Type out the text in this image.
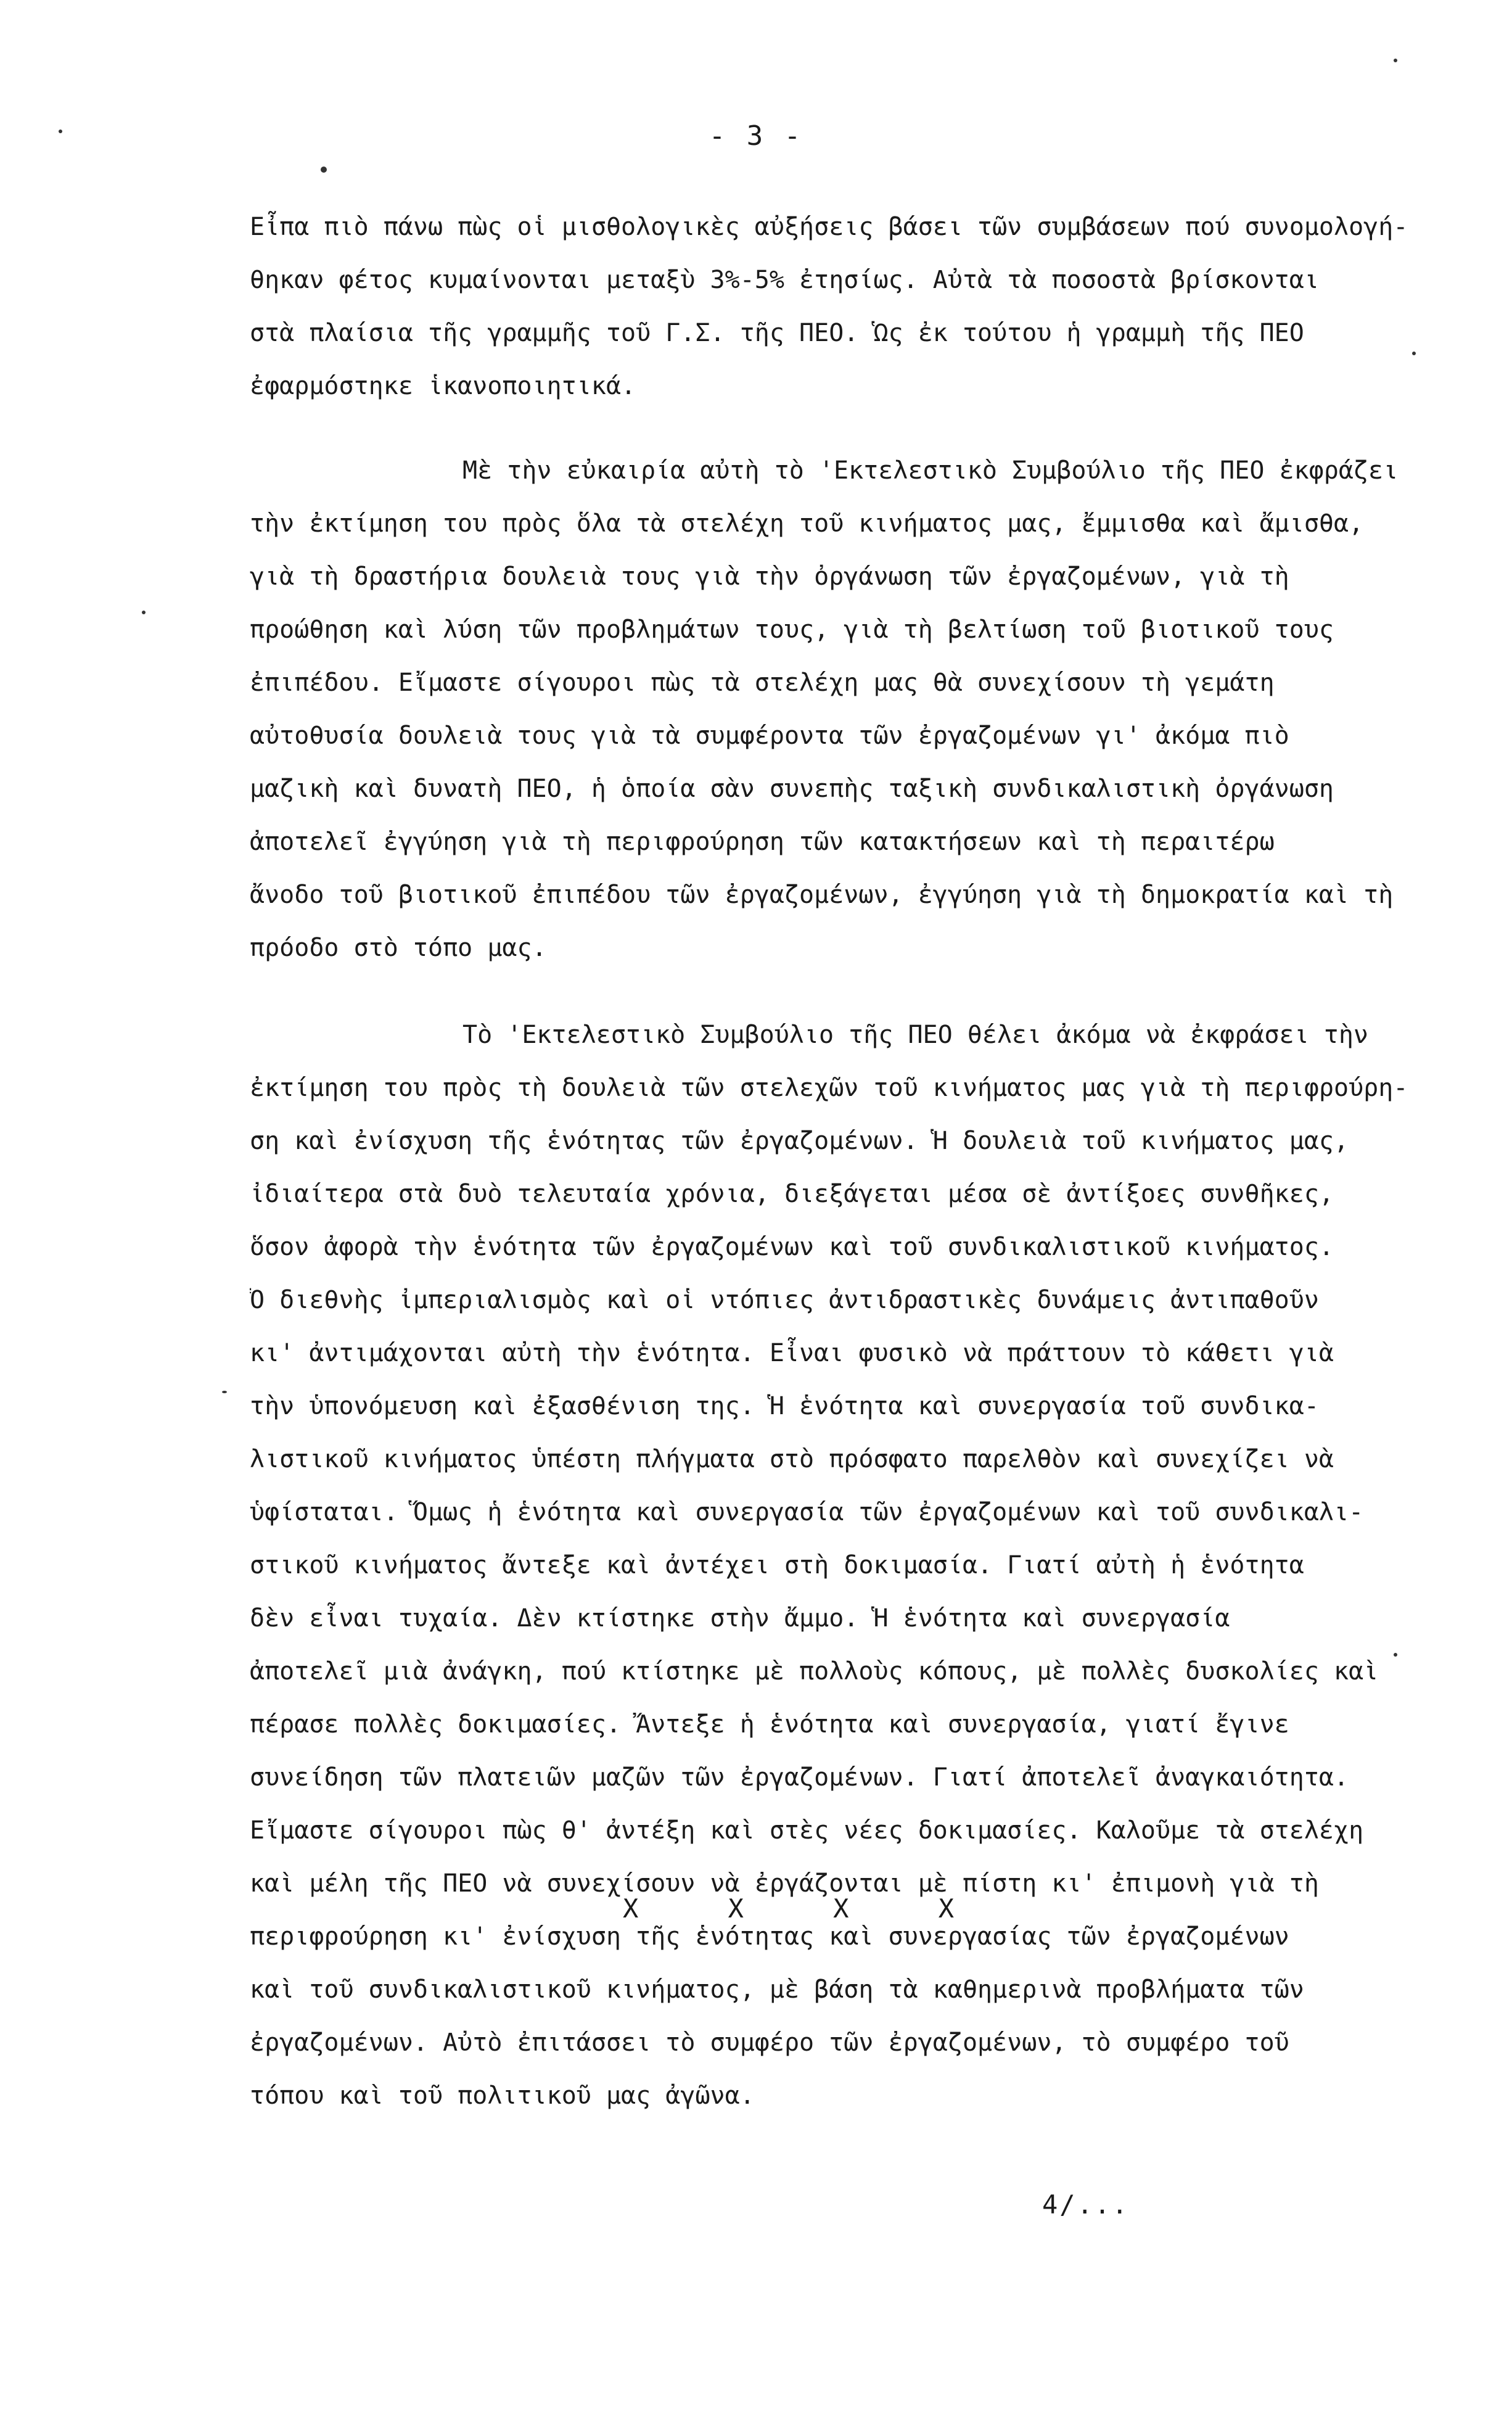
- 3 -
Εἶπα πιὸ πάνω πὼς οἱ μισθολογικὲς αὐξήσεις βάσει τῶν συμβάσεων πού συνομολογή-
θηκαν φέτος κυμαίνονται μεταξὺ 3%-5% ἐτησίως. Αὐτὰ τὰ ποσοστὰ βρίσκονται
στὰ πλαίσια τῆς γραμμῆς τοῦ Γ.Σ. τῆς ΠΕΟ. Ὡς ἐκ τούτου ἡ γραμμὴ τῆς ΠΕΟ
ἐφαρμόστηκε ἱκανοποιητικά.
Μὲ τὴν εὐκαιρία αὐτὴ τὸ 'Εκτελεστικὸ Συμβούλιο τῆς ΠΕΟ ἐκφράζει
τὴν ἐκτίμηση του πρὸς ὅλα τὰ στελέχη τοῦ κινήματος μας, ἔμμισθα καὶ ἄμισθα,
γιὰ τὴ δραστήρια δουλειὰ τους γιὰ τὴν ὀργάνωση τῶν ἐργαζομένων, γιὰ τὴ
προώθηση καὶ λύση τῶν προβλημάτων τους, γιὰ τὴ βελτίωση τοῦ βιοτικοῦ τους
ἐπιπέδου. Εἴμαστε σίγουροι πὼς τὰ στελέχη μας θὰ συνεχίσουν τὴ γεμάτη
αὐτοθυσία δουλειὰ τους γιὰ τὰ συμφέροντα τῶν ἐργαζομένων γι' ἀκόμα πιὸ
μαζικὴ καὶ δυνατὴ ΠΕΟ, ἡ ὁποία σὰν συνεπὴς ταξικὴ συνδικαλιστικὴ ὀργάνωση
ἀποτελεῖ ἐγγύηση γιὰ τὴ περιφρούρηση τῶν κατακτήσεων καὶ τὴ περαιτέρω
ἄνοδο τοῦ βιοτικοῦ ἐπιπέδου τῶν ἐργαζομένων, ἐγγύηση γιὰ τὴ δημοκρατία καὶ τὴ
πρόοδο στὸ τόπο μας.
Τὸ 'Εκτελεστικὸ Συμβούλιο τῆς ΠΕΟ θέλει ἀκόμα νὰ ἐκφράσει τὴν
ἐκτίμηση του πρὸς τὴ δουλειὰ τῶν στελεχῶν τοῦ κινήματος μας γιὰ τὴ περιφρούρη-
ση καὶ ἐνίσχυση τῆς ἑνότητας τῶν ἐργαζομένων. Ἡ δουλειὰ τοῦ κινήματος μας,
ἰδιαίτερα στὰ δυὸ τελευταία χρόνια, διεξάγεται μέσα σὲ ἀντίξοες συνθῆκες,
ὅσον ἀφορὰ τὴν ἑνότητα τῶν ἐργαζομένων καὶ τοῦ συνδικαλιστικοῦ κινήματος.
Ὁ διεθνὴς ἰμπεριαλισμὸς καὶ οἱ ντόπιες ἀντιδραστικὲς δυνάμεις ἀντιπαθοῦν
κι' ἀντιμάχονται αὐτὴ τὴν ἑνότητα. Εἶναι φυσικὸ νὰ πράττουν τὸ κάθετι γιὰ
τὴν ὑπονόμευση καὶ ἐξασθένιση της. Ἡ ἑνότητα καὶ συνεργασία τοῦ συνδικα-
λιστικοῦ κινήματος ὑπέστη πλήγματα στὸ πρόσφατο παρελθὸν καὶ συνεχίζει νὰ
ὑφίσταται. Ὅμως ἡ ἑνότητα καὶ συνεργασία τῶν ἐργαζομένων καὶ τοῦ συνδικαλι-
στικοῦ κινήματος ἄντεξε καὶ ἀντέχει στὴ δοκιμασία. Γιατί αὐτὴ ἡ ἑνότητα
δὲν εἶναι τυχαία. Δὲν κτίστηκε στὴν ἄμμο. Ἡ ἑνότητα καὶ συνεργασία
ἀποτελεῖ μιὰ ἀνάγκη, πού κτίστηκε μὲ πολλοὺς κόπους, μὲ πολλὲς δυσκολίες καὶ
πέρασε πολλὲς δοκιμασίες. Ἄντεξε ἡ ἑνότητα καὶ συνεργασία, γιατί ἔγινε
συνείδηση τῶν πλατειῶν μαζῶν τῶν ἐργαζομένων. Γιατί ἀποτελεῖ ἀναγκαιότητα.
Εἴμαστε σίγουροι πὼς θ' ἀντέξη καὶ στὲς νέες δοκιμασίες. Καλοῦμε τὰ στελέχη
καὶ μέλη τῆς ΠΕΟ νὰ συνεχίσουν νὰ ἐργάζονται μὲ πίστη κι' ἐπιμονὴ γιὰ τὴ
περιφρούρηση κι' ἐνίσχυση τῆς ἑνότητας καὶ συνεργασίας τῶν ἐργαζομένων
καὶ τοῦ συνδικαλιστικοῦ κινήματος, μὲ βάση τὰ καθημερινὰ προβλήματα τῶν
ἐργαζομένων. Αὐτὸ ἐπιτάσσει τὸ συμφέρο τῶν ἐργαζομένων, τὸ συμφέρο τοῦ
τόπου καὶ τοῦ πολιτικοῦ μας ἀγῶνα.
X X X X
4/...
